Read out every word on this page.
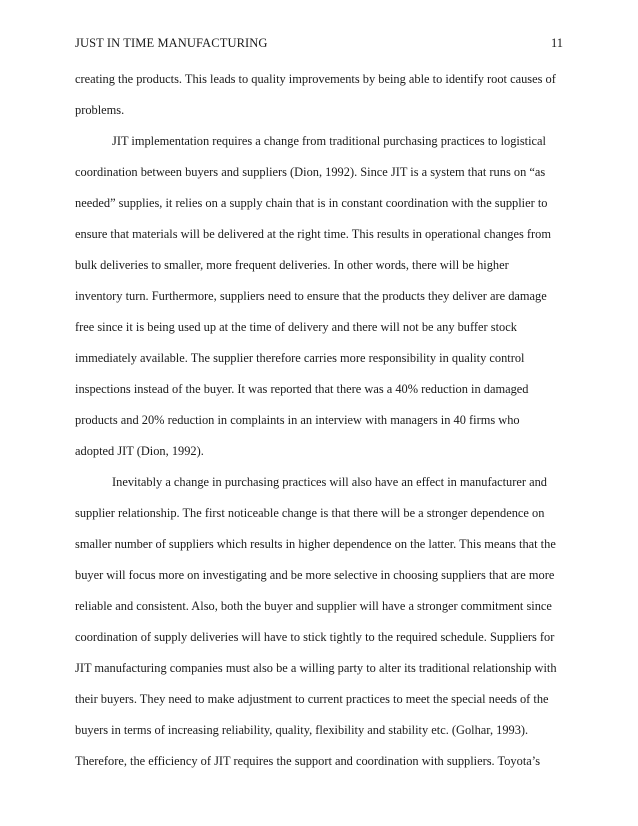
JUST IN TIME MANUFACTURING	11
creating the products. This leads to quality improvements by being able to identify root causes of
problems.
JIT implementation requires a change from traditional purchasing practices to logistical
coordination between buyers and suppliers (Dion, 1992). Since JIT is a system that runs on “as
needed” supplies, it relies on a supply chain that is in constant coordination with the supplier to
ensure that materials will be delivered at the right time. This results in operational changes from
bulk deliveries to smaller, more frequent deliveries. In other words, there will be higher
inventory turn. Furthermore, suppliers need to ensure that the products they deliver are damage
free since it is being used up at the time of delivery and there will not be any buffer stock
immediately available. The supplier therefore carries more responsibility in quality control
inspections instead of the buyer. It was reported that there was a 40% reduction in damaged
products and 20% reduction in complaints in an interview with managers in 40 firms who
adopted JIT (Dion, 1992).
Inevitably a change in purchasing practices will also have an effect in manufacturer and
supplier relationship. The first noticeable change is that there will be a stronger dependence on
smaller number of suppliers which results in higher dependence on the latter. This means that the
buyer will focus more on investigating and be more selective in choosing suppliers that are more
reliable and consistent. Also, both the buyer and supplier will have a stronger commitment since
coordination of supply deliveries will have to stick tightly to the required schedule. Suppliers for
JIT manufacturing companies must also be a willing party to alter its traditional relationship with
their buyers. They need to make adjustment to current practices to meet the special needs of the
buyers in terms of increasing reliability, quality, flexibility and stability etc. (Golhar, 1993).
Therefore, the efficiency of JIT requires the support and coordination with suppliers. Toyota’s
